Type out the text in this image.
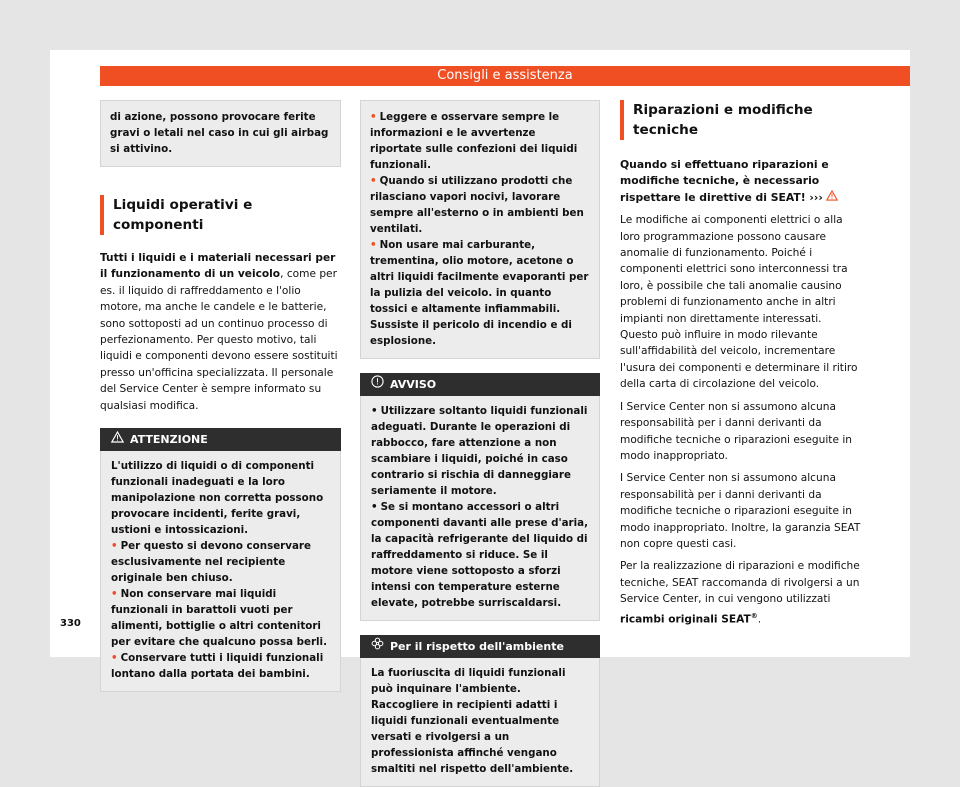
Consigli e assistenza

di azione, possono provocare ferite gravi o letali nel caso in cui gli airbag si attivino.

Liquidi operativi e componenti

Tutti i liquidi e i materiali necessari per il funzionamento di un veicolo, come per es. il liquido di raffreddamento e l'olio motore, ma anche le candele e le batterie, sono sottoposti ad un continuo processo di perfezionamento. Per questo motivo, tali liquidi e componenti devono essere sostituiti presso un'officina specializzata. Il personale del Service Center è sempre informato su qualsiasi modifica.

ATTENZIONE

L'utilizzo di liquidi o di componenti funzionali inadeguati e la loro manipolazione non corretta possono provocare incidenti, ferite gravi, ustioni e intossicazioni.

• Per questo si devono conservare esclusivamente nel recipiente originale ben chiuso.

• Non conservare mai liquidi funzionali in barattoli vuoti per alimenti, bottiglie o altri contenitori per evitare che qualcuno possa berli.

• Conservare tutti i liquidi funzionali lontano dalla portata dei bambini.

• Leggere e osservare sempre le informazioni e le avvertenze riportate sulle confezioni dei liquidi funzionali.

• Quando si utilizzano prodotti che rilasciano vapori nocivi, lavorare sempre all'esterno o in ambienti ben ventilati.

• Non usare mai carburante, trementina, olio motore, acetone o altri liquidi facilmente evaporanti per la pulizia del veicolo. in quanto tossici e altamente infiammabili. Sussiste il pericolo di incendio e di esplosione.

AVVISO

• Utilizzare soltanto liquidi funzionali adeguati. Durante le operazioni di rabbocco, fare attenzione a non scambiare i liquidi, poiché in caso contrario si rischia di danneggiare seriamente il motore.

• Se si montano accessori o altri componenti davanti alle prese d'aria, la capacità refrigerante del liquido di raffreddamento si riduce. Se il motore viene sottoposto a sforzi intensi con temperature esterne elevate, potrebbe surriscaldarsi.

Per il rispetto dell'ambiente

La fuoriuscita di liquidi funzionali può inquinare l'ambiente. Raccogliere in recipienti adatti i liquidi funzionali eventualmente versati e rivolgersi a un professionista affinché vengano smaltiti nel rispetto dell'ambiente.

Riparazioni e modifiche tecniche

Quando si effettuano riparazioni e modifiche tecniche, è necessario rispettare le direttive di SEAT! ›››

Le modifiche ai componenti elettrici o alla loro programmazione possono causare anomalie di funzionamento. Poiché i componenti elettrici sono interconnessi tra loro, è possibile che tali anomalie causino problemi di funzionamento anche in altri impianti non direttamente interessati. Questo può influire in modo rilevante sull'affidabilità del veicolo, incrementare l'usura dei componenti e determinare il ritiro della carta di circolazione del veicolo.

I Service Center non si assumono alcuna responsabilità per i danni derivanti da modifiche tecniche o riparazioni eseguite in modo inappropriato.

I Service Center non si assumono alcuna responsabilità per i danni derivanti da modifiche tecniche o riparazioni eseguite in modo inappropriato. Inoltre, la garanzia SEAT non copre questi casi.

Per la realizzazione di riparazioni e modifiche tecniche, SEAT raccomanda di rivolgersi a un Service Center, in cui vengono utilizzati ricambi originali SEAT®.

330
